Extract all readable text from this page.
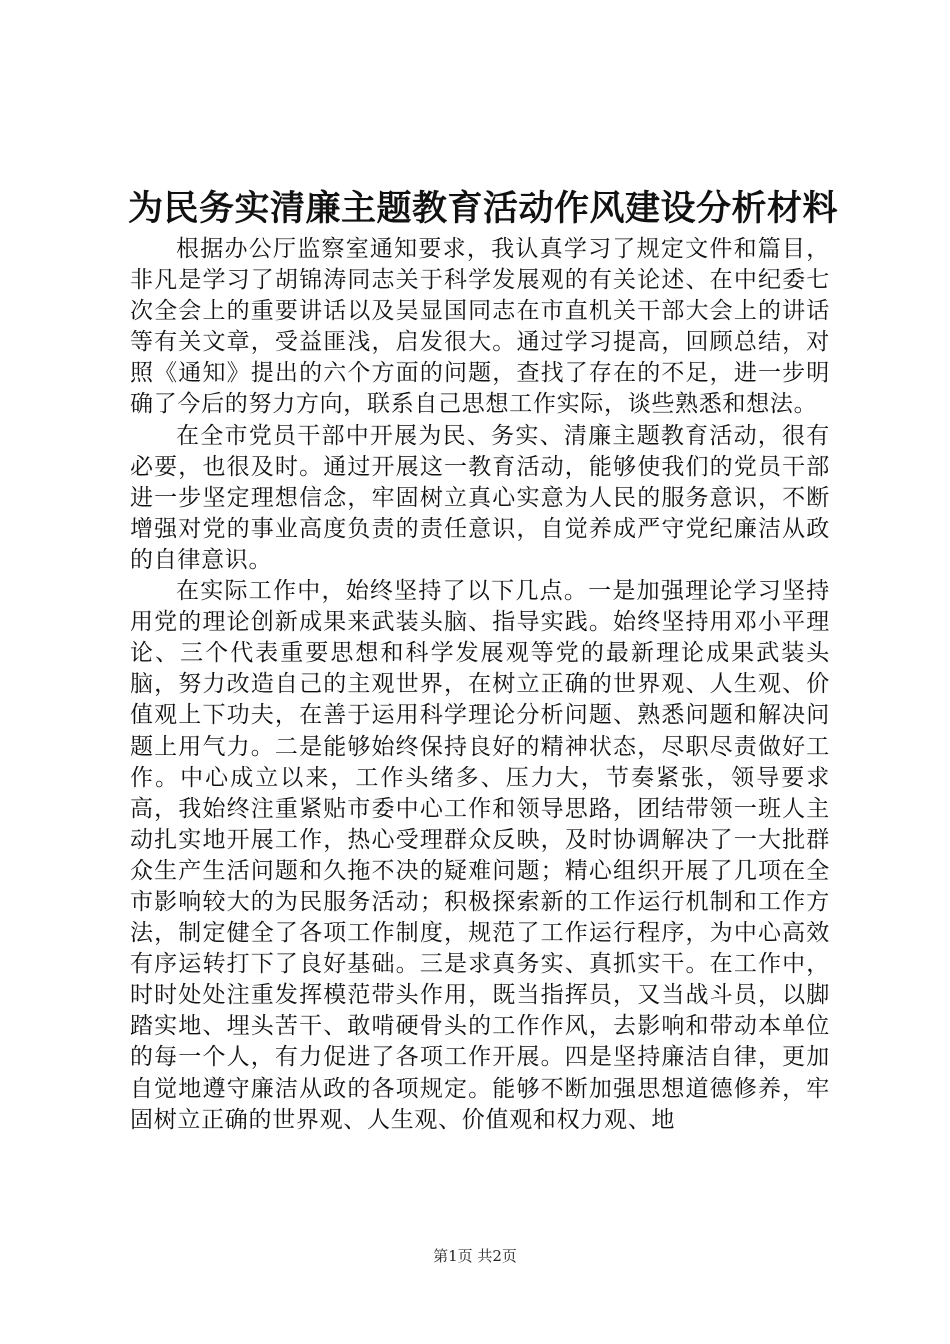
为民务实清廉主题教育活动作风建设分析材料

根据办公厅监察室通知要求，我认真学习了规定文件和篇目，非凡是学习了胡锦涛同志关于科学发展观的有关论述、在中纪委七次全会上的重要讲话以及吴显国同志在市直机关干部大会上的讲话等有关文章，受益匪浅，启发很大。通过学习提高，回顾总结，对照《通知》提出的六个方面的问题，查找了存在的不足，进一步明确了今后的努力方向，联系自己思想工作实际，谈些熟悉和想法。

在全市党员干部中开展为民、务实、清廉主题教育活动，很有必要，也很及时。通过开展这一教育活动，能够使我们的党员干部进一步坚定理想信念，牢固树立真心实意为人民的服务意识，不断增强对党的事业高度负责的责任意识，自觉养成严守党纪廉洁从政的自律意识。

在实际工作中，始终坚持了以下几点。一是加强理论学习坚持用党的理论创新成果来武装头脑、指导实践。始终坚持用邓小平理论、三个代表重要思想和科学发展观等党的最新理论成果武装头脑，努力改造自己的主观世界，在树立正确的世界观、人生观、价值观上下功夫，在善于运用科学理论分析问题、熟悉问题和解决问题上用气力。二是能够始终保持良好的精神状态，尽职尽责做好工作。中心成立以来，工作头绪多、压力大，节奏紧张，领导要求高，我始终注重紧贴市委中心工作和领导思路，团结带领一班人主动扎实地开展工作，热心受理群众反映，及时协调解决了一大批群众生产生活问题和久拖不决的疑难问题；精心组织开展了几项在全市影响较大的为民服务活动；积极探索新的工作运行机制和工作方法，制定健全了各项工作制度，规范了工作运行程序，为中心高效有序运转打下了良好基础。三是求真务实、真抓实干。在工作中，时时处处注重发挥模范带头作用，既当指挥员，又当战斗员，以脚踏实地、埋头苦干、敢啃硬骨头的工作作风，去影响和带动本单位的每一个人，有力促进了各项工作开展。四是坚持廉洁自律，更加自觉地遵守廉洁从政的各项规定。能够不断加强思想道德修养，牢固树立正确的世界观、人生观、价值观和权力观、地

第1页 共2页
